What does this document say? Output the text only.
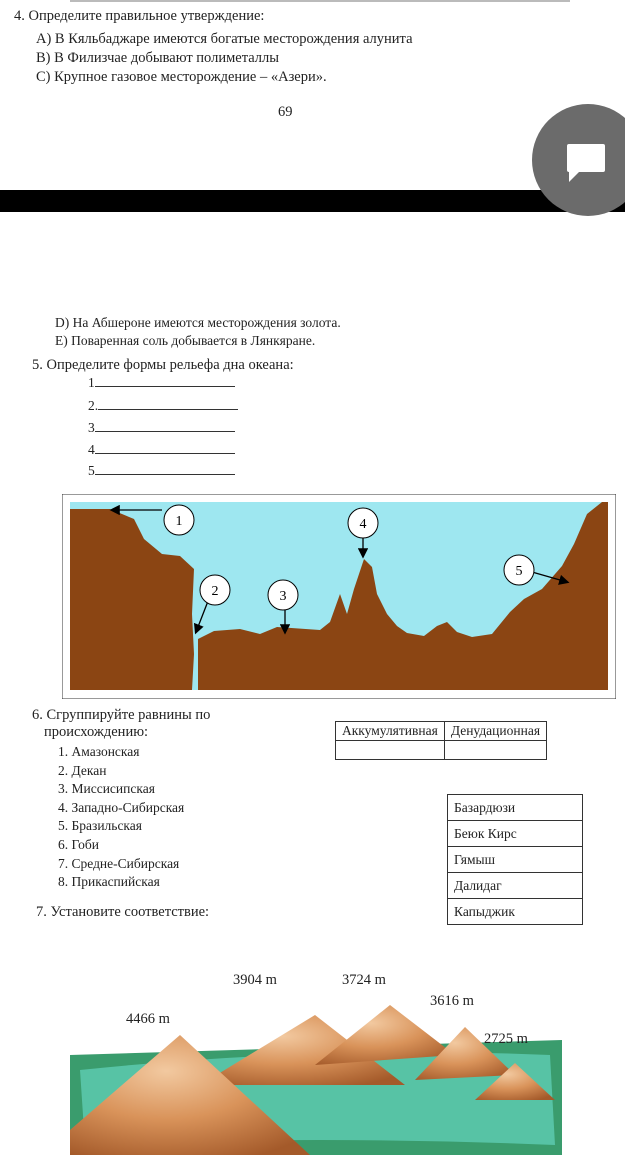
4. Определите правильное утверждение:
A) В Кяльбаджаре имеются богатые месторождения алунита
B) В Филизчае добывают полиметаллы
C) Крупное газовое месторождение – «Азери».
69
D) На Абшероне имеются месторождения золота.
E) Поваренная соль добывается в Лянкяране.
5. Определите формы рельефа дна океана:
1
2.
3
4
5
1
2	3
4
5
6. Сгруппируйте равнины по
происхождению:
1. Амазонская
2. Декан
3. Миссисипская
4. Западно-Сибирская
5. Бразильская
6. Гоби
7. Средне-Сибирская
8. Прикаспийская
Аккумулятивная	Денудационная

Базардюзи
Беюк Кирс
Гямыш
Далидаг
Капыджик
7. Установите соответствие:
3904 m	3724 m
3616 m
4466 m
2725 m
